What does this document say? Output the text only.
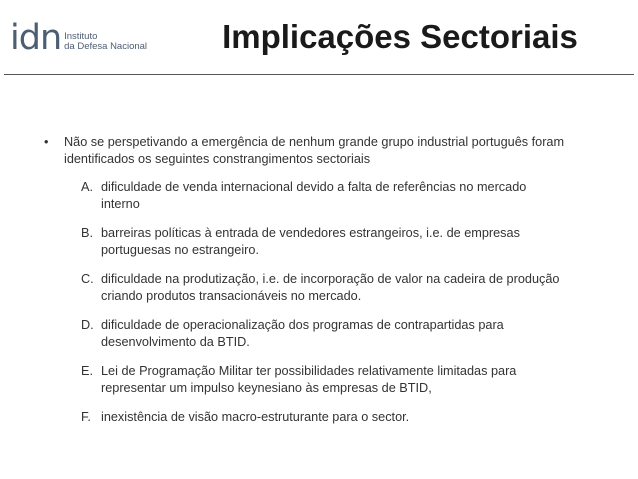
idn Instituto
da Defesa Nacional	Implicações Sectoriais
•	Não se perspetivando a emergência de nenhum grande grupo industrial português foram identificados os seguintes constrangimentos sectoriais
A. dificuldade de venda internacional devido a falta de referências no mercado interno
B. barreiras políticas à entrada de vendedores estrangeiros, i.e. de empresas portuguesas no estrangeiro.
C. dificuldade na produtização, i.e. de incorporação de valor na cadeira de produção criando produtos transacionáveis no mercado.
D. dificuldade de operacionalização dos programas de contrapartidas para desenvolvimento da BTID.
E. Lei de Programação Militar ter possibilidades relativamente limitadas para representar um impulso keynesiano às empresas de BTID,
F. inexistência de visão macro-estruturante para o sector.
